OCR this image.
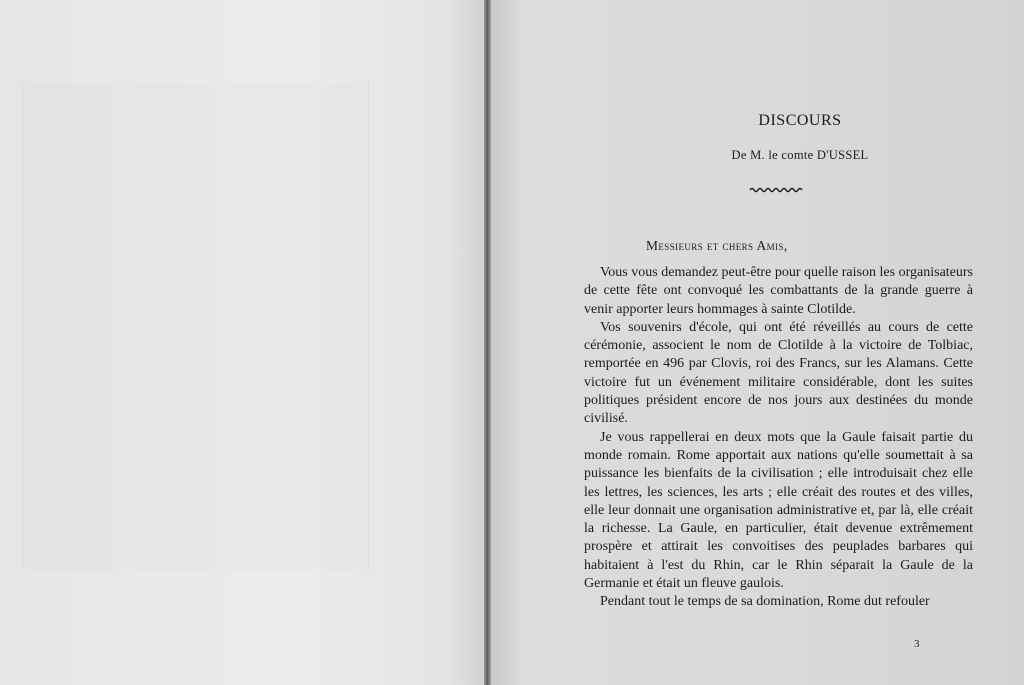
DISCOURS
De M. le comte D'USSEL
Messieurs et chers Amis,

Vous vous demandez peut-être pour quelle raison les organisateurs de cette fête ont convoqué les combattants de la grande guerre à venir apporter leurs hommages à sainte Clotilde.

Vos souvenirs d'école, qui ont été réveillés au cours de cette cérémonie, associent le nom de Clotilde à la victoire de Tolbiac, remportée en 496 par Clovis, roi des Francs, sur les Alamans. Cette victoire fut un événement militaire considérable, dont les suites politiques président encore de nos jours aux destinées du monde civilisé.

Je vous rappellerai en deux mots que la Gaule faisait partie du monde romain. Rome apportait aux nations qu'elle soumettait à sa puissance les bienfaits de la civilisation ; elle introduisait chez elle les lettres, les sciences, les arts ; elle créait des routes et des villes, elle leur donnait une organisation administrative et, par là, elle créait la richesse. La Gaule, en particulier, était devenue extrêmement prospère et attirait les convoitises des peuplades barbares qui habitaient à l'est du Rhin, car le Rhin séparait la Gaule de la Germanie et était un fleuve gaulois.

Pendant tout le temps de sa domination, Rome dut refouler

3
